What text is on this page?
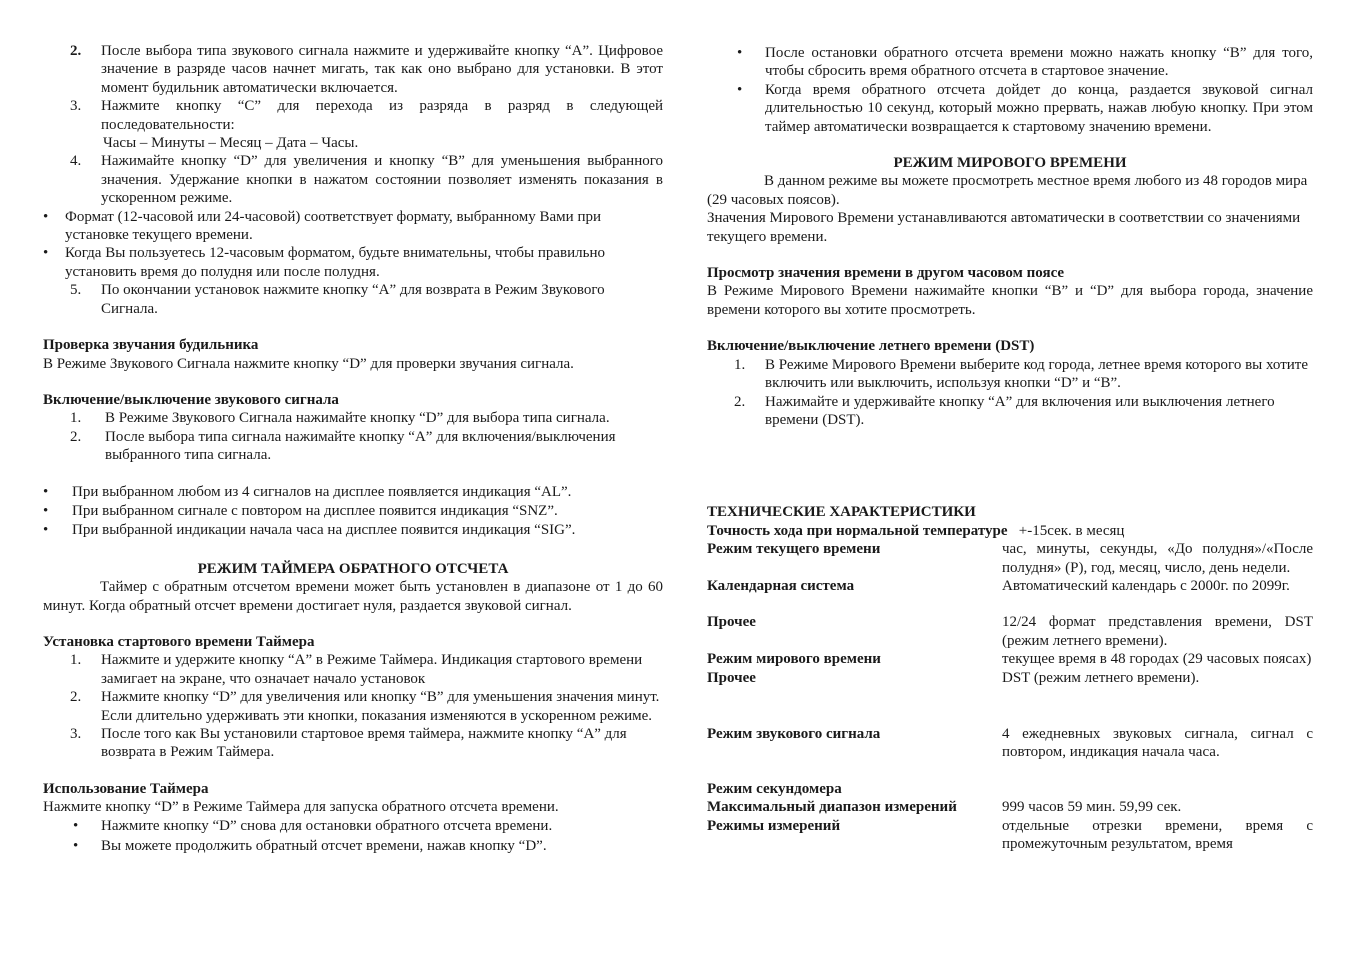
2. После выбора типа звукового сигнала нажмите и удерживайте кнопку “A”. Цифровое значение в разряде часов начнет мигать, так как оно выбрано для установки. В этот момент будильник автоматически включается.
3. Нажмите кнопку “C” для перехода из разряда в разряд в следующей последовательности:

Часы – Минуты – Месяц – Дата – Часы.

4. Нажимайте кнопку “D” для увеличения и кнопку “B” для уменьшения выбранного значения. Удержание кнопки в нажатом состоянии позволяет изменять показания в ускоренном режиме.
• Формат (12-часовой или 24-часовой) соответствует формату, выбранному Вами при установке текущего времени.
• Когда Вы пользуетесь 12-часовым форматом, будьте внимательны, чтобы правильно установить время до полудня или после полудня.
5. По окончании установок нажмите кнопку “A” для возврата в Режим Звукового Сигнала.

Проверка звучания будильника

В Режиме Звукового Сигнала нажмите кнопку “D” для проверки звучания сигнала.

Включение/выключение звукового сигнала

1. В Режиме Звукового Сигнала нажимайте кнопку “D” для выбора типа сигнала.
2. После выбора типа сигнала нажимайте кнопку “A” для включения/выключения выбранного типа сигнала.
• При выбранном любом из 4 сигналов на дисплее появляется индикация “AL”.
• При выбранном сигнале с повтором на дисплее появится индикация “SNZ”.
• При выбранной индикации начала часа на дисплее появится индикация “SIG”.

РЕЖИМ ТАЙМЕРА ОБРАТНОГО ОТСЧЕТА

Таймер с обратным отсчетом времени может быть установлен в диапазоне от 1 до 60 минут. Когда обратный отсчет времени достигает нуля, раздается звуковой сигнал.

Установка стартового времени Таймера

1. Нажмите и удержите кнопку “A” в Режиме Таймера. Индикация стартового времени замигает на экране, что означает начало установок
2. Нажмите кнопку “D” для увеличения или кнопку “B” для уменьшения значения минут. Если длительно удерживать эти кнопки, показания изменяются в ускоренном режиме.
3. После того как Вы установили стартовое время таймера, нажмите кнопку “A” для возврата в Режим Таймера.

Использование Таймера

Нажмите кнопку “D” в Режиме Таймера для запуска обратного отсчета времени.

• Нажмите кнопку “D” снова для остановки обратного отсчета времени.
• Вы можете продолжить обратный отсчет времени, нажав кнопку “D”.
• После остановки обратного отсчета времени можно нажать кнопку “B” для того, чтобы сбросить время обратного отсчета в стартовое значение.
• Когда время обратного отсчета дойдет до конца, раздается звуковой сигнал длительностью 10 секунд, который можно прервать, нажав любую кнопку. При этом таймер автоматически возвращается к стартовому значению времени.

РЕЖИМ МИРОВОГО ВРЕМЕНИ

В данном режиме вы можете просмотреть местное время любого из 48 городов мира (29 часовых поясов).

Значения Мирового Времени устанавливаются автоматически в соответствии со значениями текущего времени.

Просмотр значения времени в другом часовом поясе

В Режиме Мирового Времени нажимайте кнопки “B” и “D” для выбора города, значение времени которого вы хотите просмотреть.

Включение/выключение летнего времени (DST)

1. В Режиме Мирового Времени выберите код города, летнее время которого вы хотите включить или выключить, используя кнопки “D” и “B”.
2. Нажимайте и удерживайте кнопку “A” для включения или выключения летнего времени (DST).

ТЕХНИЧЕСКИЕ ХАРАКТЕРИСТИКИ

Точность хода при нормальной температуре +-15сек. в месяц

Режим текущего времени	час, минуты, секунды, «До полудня»/«После полудня» (P), год, месяц, число, день недели.
Календарная система	Автоматический календарь с 2000г. по 2099г.
Прочее	12/24 формат представления времени, DST (режим летнего времени).
Режим мирового времени	текущее время в 48 городах (29 часовых поясах)
Прочее	DST (режим летнего времени).
Режим звукового сигнала	4 ежедневных звуковых сигнала, сигнал с повтором, индикация начала часа.
Режим секундомера	
Максимальный диапазон измерений	999 часов 59 мин. 59,99 сек.
Режимы измерений	отдельные отрезки времени, время с промежуточным результатом, время
